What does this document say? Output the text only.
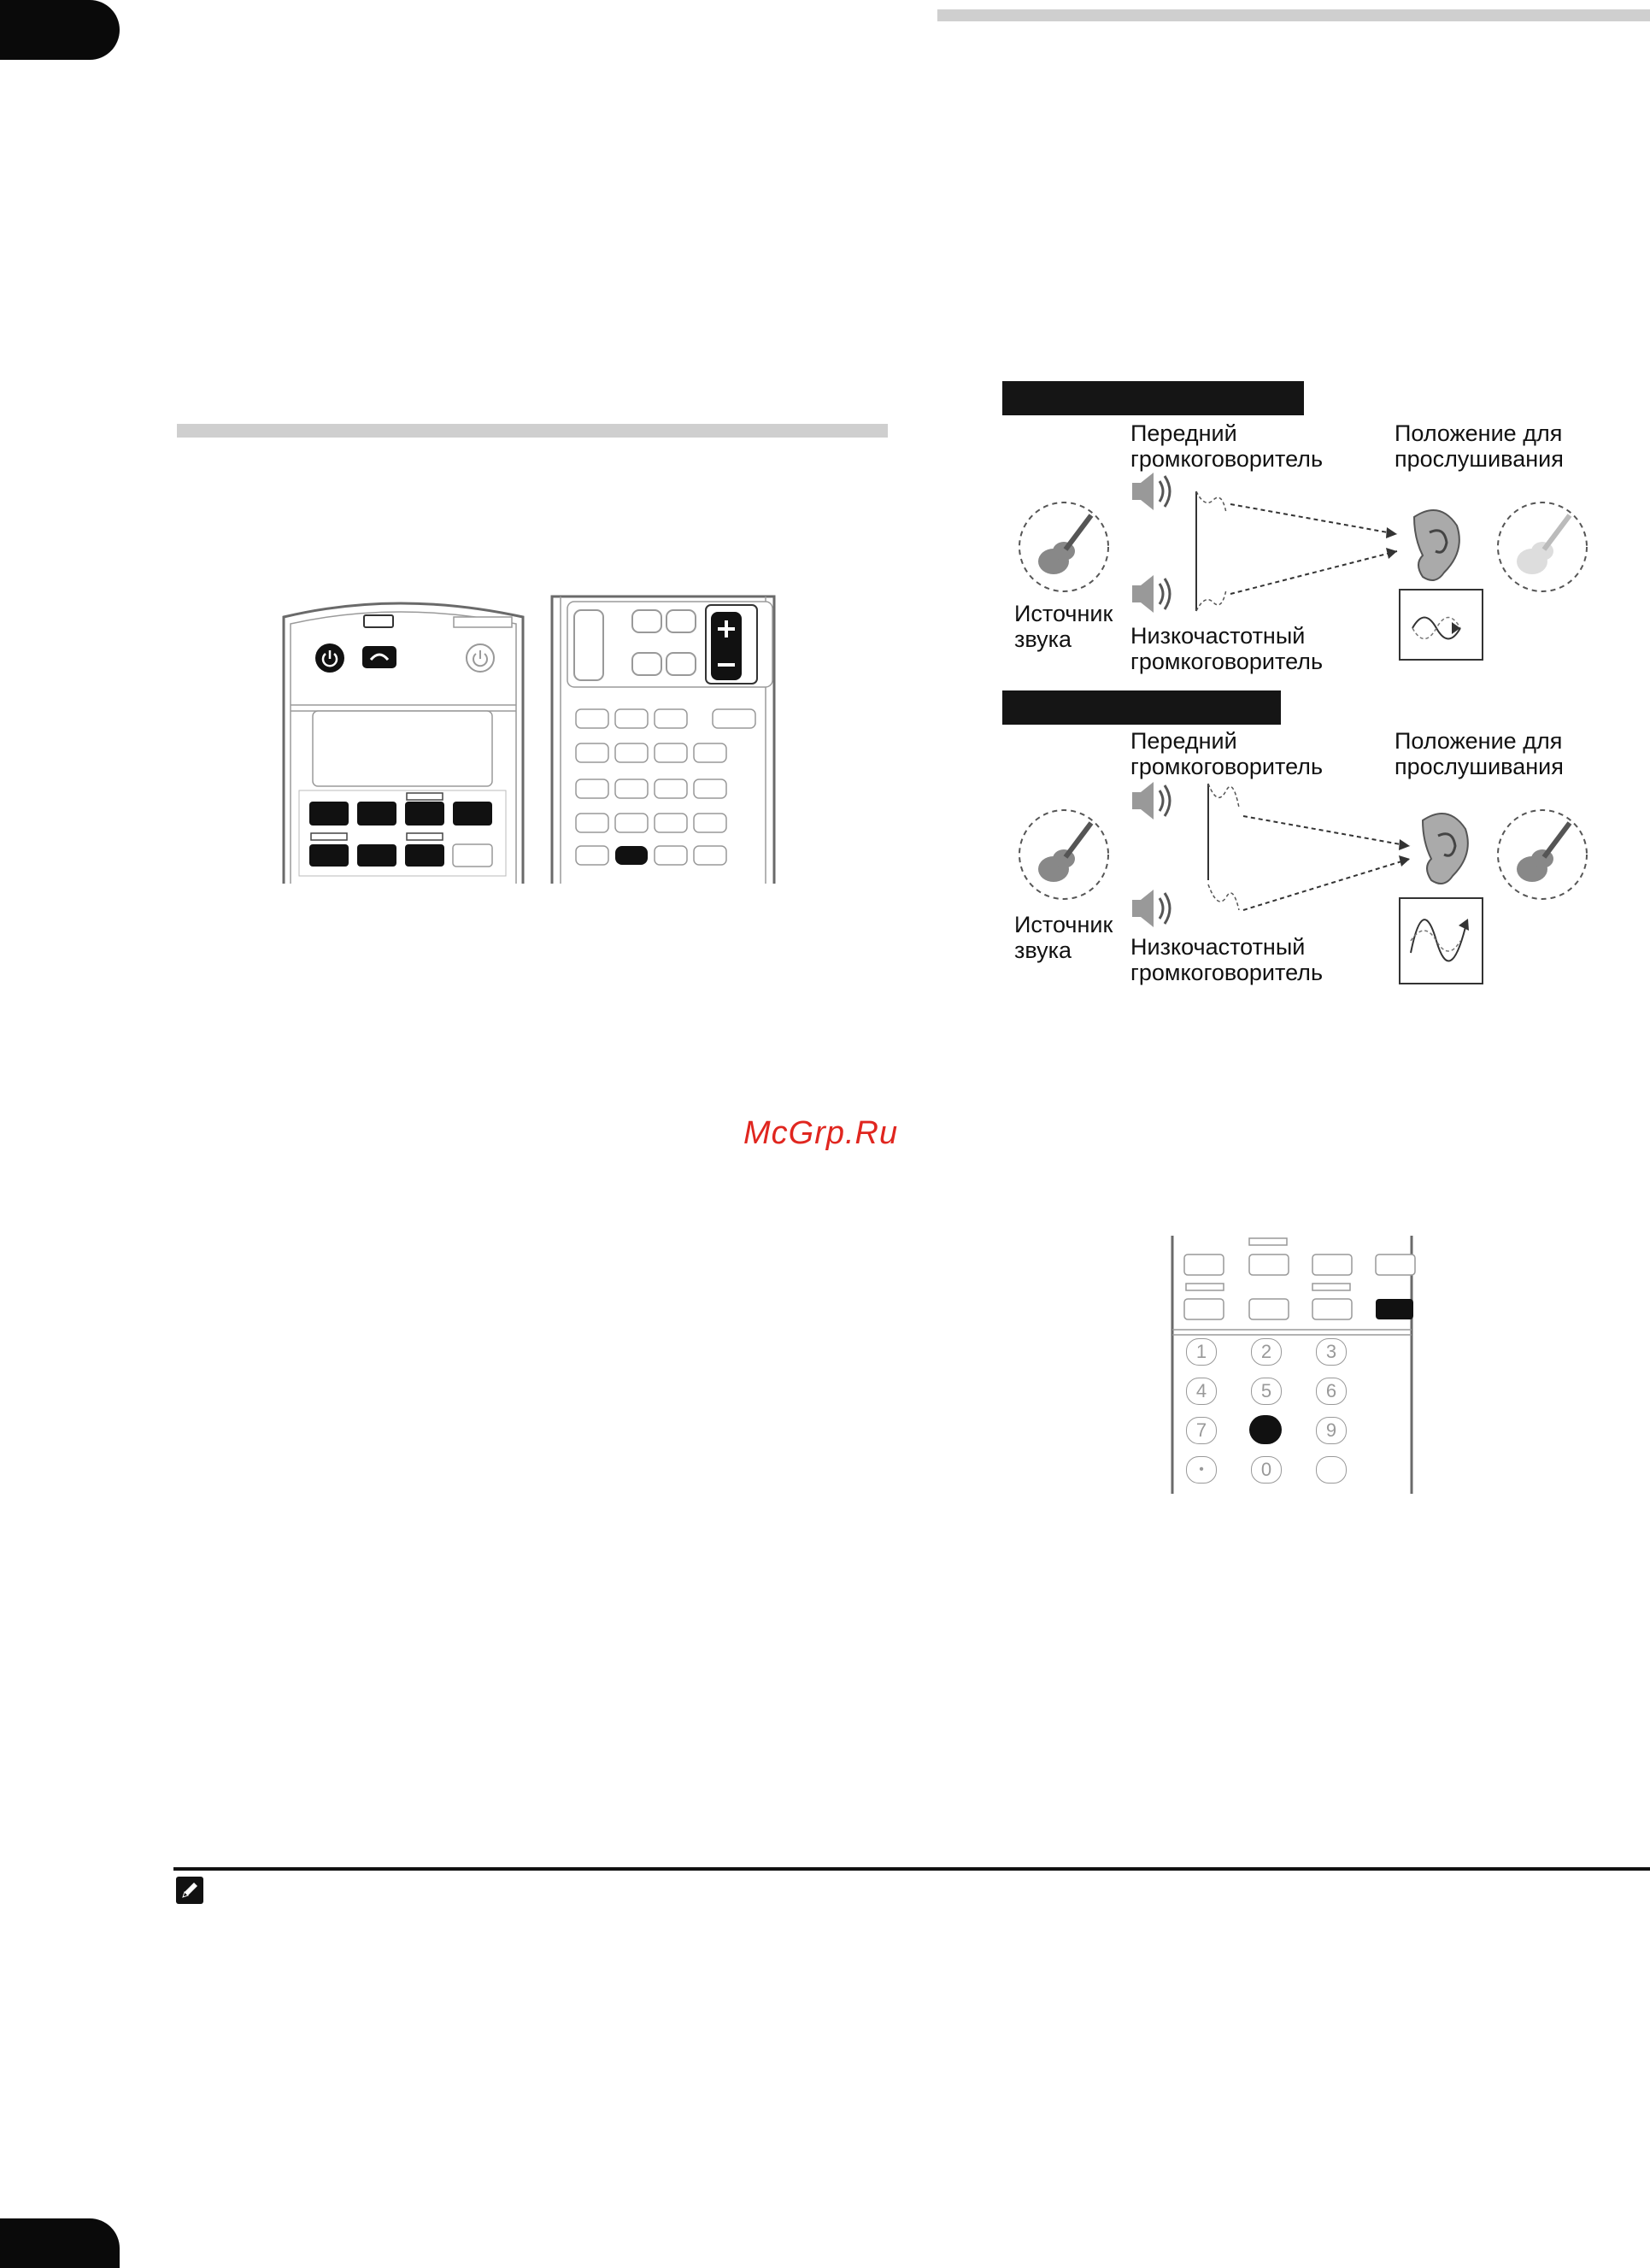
McGrp.Ru
Передний громкоговоритель
Положение для прослушивания
Источник звука	Низкочастотный громкоговоритель
Передний громкоговоритель
Положение для прослушивания
Источник звука	Низкочастотный громкоговоритель
1	2	3
4	5	6
7	9
•	0
